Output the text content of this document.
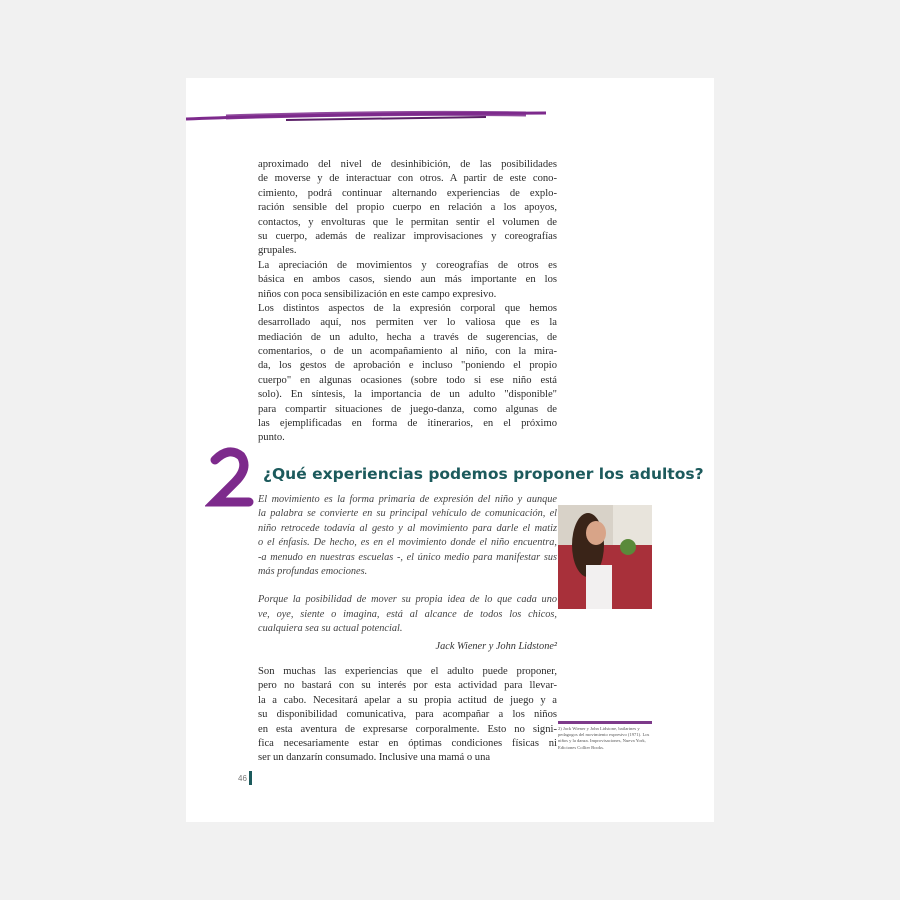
aproximado del nivel de desinhibición, de las posibilidades
de moverse y de interactuar con otros. A partir de este cono-
cimiento, podrá continuar alternando experiencias de explo-
ración sensible del propio cuerpo en relación a los apoyos,
contactos, y envolturas que le permitan sentir el volumen de
su cuerpo, además de realizar improvisaciones y coreografías
grupales.
La apreciación de movimientos y coreografías de otros es
básica en ambos casos, siendo aun más importante en los
niños con poca sensibilización en este campo expresivo.
Los distintos aspectos de la expresión corporal que hemos
desarrollado aquí, nos permiten ver lo valiosa que es la
mediación de un adulto, hecha a través de sugerencias, de
comentarios, o de un acompañamiento al niño, con la mira-
da, los gestos de aprobación e incluso "poniendo el propio
cuerpo" en algunas ocasiones (sobre todo si ese niño está
solo). En síntesis, la importancia de un adulto "disponible"
para compartir situaciones de juego-danza, como algunas de
las ejemplificadas en forma de itinerarios, en el próximo
punto.
¿Qué experiencias podemos proponer los adultos?
El movimiento es la forma primaria de expresión del niño y aunque
la palabra se convierte en su principal vehículo de comunicación, el
niño retrocede todavía al gesto y al movimiento para darle el matiz
o el énfasis. De hecho, es en el movimiento donde el niño encuentra,
-a menudo en nuestras escuelas -, el único medio para manifestar sus
más profundas emociones.
Porque la posibilidad de mover su propia idea de lo que cada uno
ve, oye, siente o imagina, está al alcance de todos los chicos,
cualquiera sea su actual potencial.
Jack Wiener y John Lidstone²
Son muchas las experiencias que el adulto puede proponer,
pero no bastará con su interés por esta actividad para llevar-
la a cabo. Necesitará apelar a su propia actitud de juego y a
su disponibilidad comunicativa, para acompañar a los niños
en esta aventura de expresarse corporalmente. Esto no signi-
fica necesariamente estar en óptimas condiciones físicas ni
ser un danzarín consumado. Inclusive una mamá o una
2) Jack Wiener y John Lidstone, bailarines y pedagogos del movimiento expresivo (1971). Los niños y la danza. Improvisaciones, Nueva York, Ediciones Collier Books.
46
